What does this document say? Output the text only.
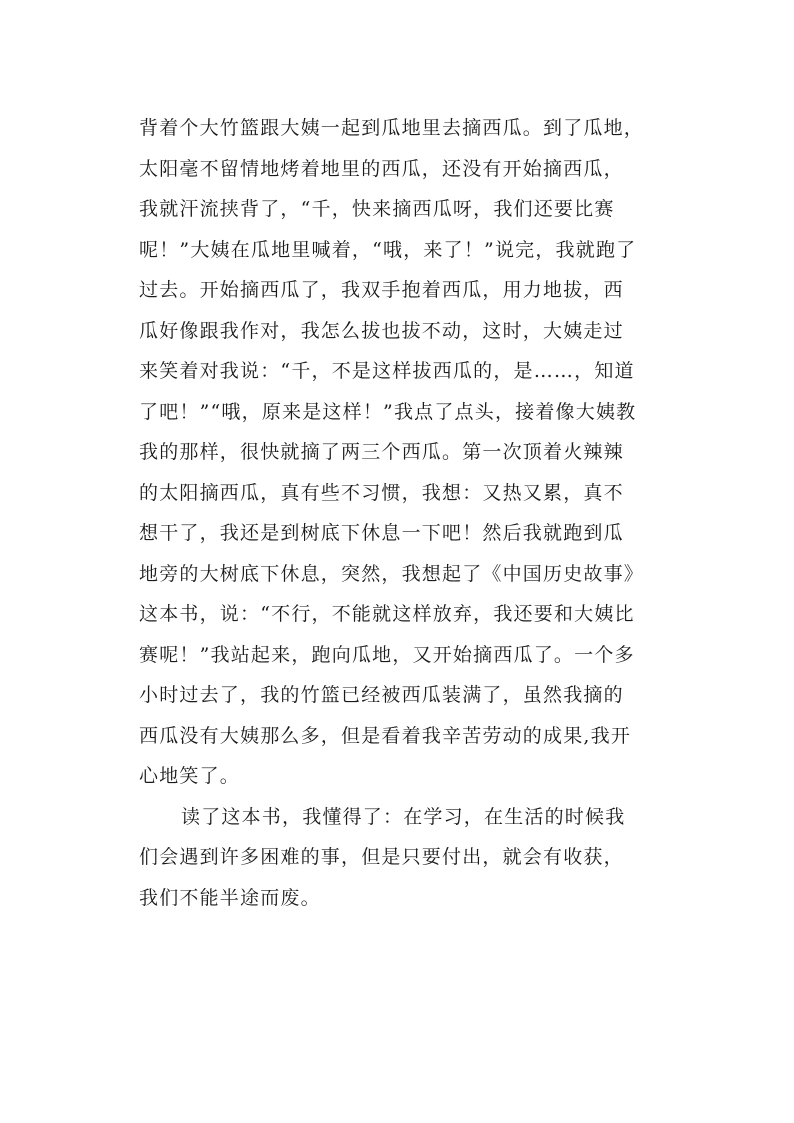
背着个大竹篮跟大姨一起到瓜地里去摘西瓜。到了瓜地，
太阳毫不留情地烤着地里的西瓜，还没有开始摘西瓜，
我就汗流挟背了，“千，快来摘西瓜呀，我们还要比赛
呢！”大姨在瓜地里喊着，“哦，来了！”说完，我就跑了
过去。开始摘西瓜了，我双手抱着西瓜，用力地拔，西
瓜好像跟我作对，我怎么拔也拔不动，这时，大姨走过
来笑着对我说：“千，不是这样拔西瓜的，是……，知道
了吧！”“哦，原来是这样！”我点了点头，接着像大姨教
我的那样，很快就摘了两三个西瓜。第一次顶着火辣辣
的太阳摘西瓜，真有些不习惯，我想：又热又累，真不
想干了，我还是到树底下休息一下吧！然后我就跑到瓜
地旁的大树底下休息，突然，我想起了《中国历史故事》
这本书，说：“不行，不能就这样放弃，我还要和大姨比
赛呢！”我站起来，跑向瓜地，又开始摘西瓜了。一个多
小时过去了，我的竹篮已经被西瓜装满了，虽然我摘的
西瓜没有大姨那么多，但是看着我辛苦劳动的成果,我开
心地笑了。
读了这本书，我懂得了：在学习，在生活的时候我
们会遇到许多困难的事，但是只要付出，就会有收获，
我们不能半途而废。
